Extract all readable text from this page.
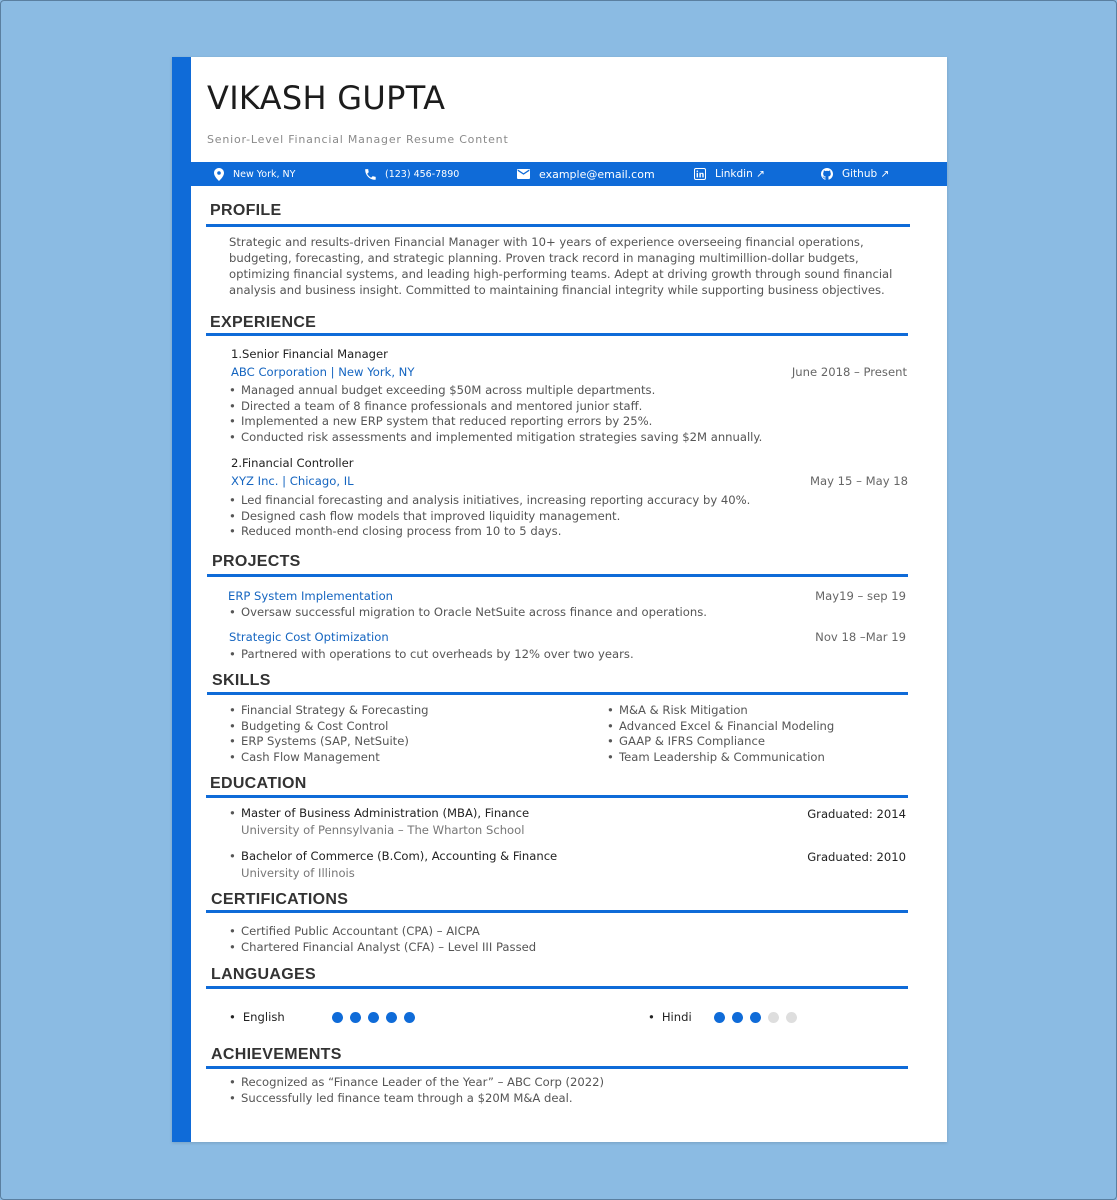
VIKASH GUPTA
Senior-Level Financial Manager Resume Content
New York, NY	(123) 456-7890	example@email.com	Linkdin ↗	Github ↗
PROFILE
Strategic and results-driven Financial Manager with 10+ years of experience overseeing financial operations, budgeting, forecasting, and strategic planning. Proven track record in managing multimillion-dollar budgets, optimizing financial systems, and leading high-performing teams. Adept at driving growth through sound financial analysis and business insight. Committed to maintaining financial integrity while supporting business objectives.
EXPERIENCE
1.Senior Financial Manager
ABC Corporation | New York, NY	June 2018 – Present
• Managed annual budget exceeding $50M across multiple departments.
• Directed a team of 8 finance professionals and mentored junior staff.
• Implemented a new ERP system that reduced reporting errors by 25%.
• Conducted risk assessments and implemented mitigation strategies saving $2M annually.
2.Financial Controller
XYZ Inc. | Chicago, IL	May 15 – May 18
• Led financial forecasting and analysis initiatives, increasing reporting accuracy by 40%.
• Designed cash flow models that improved liquidity management.
• Reduced month-end closing process from 10 to 5 days.
PROJECTS
ERP System Implementation	May19 – sep 19
• Oversaw successful migration to Oracle NetSuite across finance and operations.
Strategic Cost Optimization	Nov 18 –Mar 19
• Partnered with operations to cut overheads by 12% over two years.
SKILLS
• Financial Strategy & Forecasting
• Budgeting & Cost Control
• ERP Systems (SAP, NetSuite)
• Cash Flow Management
• M&A & Risk Mitigation
• Advanced Excel & Financial Modeling
• GAAP & IFRS Compliance
• Team Leadership & Communication
EDUCATION
• Master of Business Administration (MBA), Finance
University of Pennsylvania – The Wharton School
Graduated: 2014
• Bachelor of Commerce (B.Com), Accounting & Finance
University of Illinois
Graduated: 2010
CERTIFICATIONS
• Certified Public Accountant (CPA) – AICPA
• Chartered Financial Analyst (CFA) – Level III Passed
LANGUAGES
• English
•	Hindi
ACHIEVEMENTS
• Recognized as “Finance Leader of the Year” – ABC Corp (2022)
• Successfully led finance team through a $20M M&A deal.
